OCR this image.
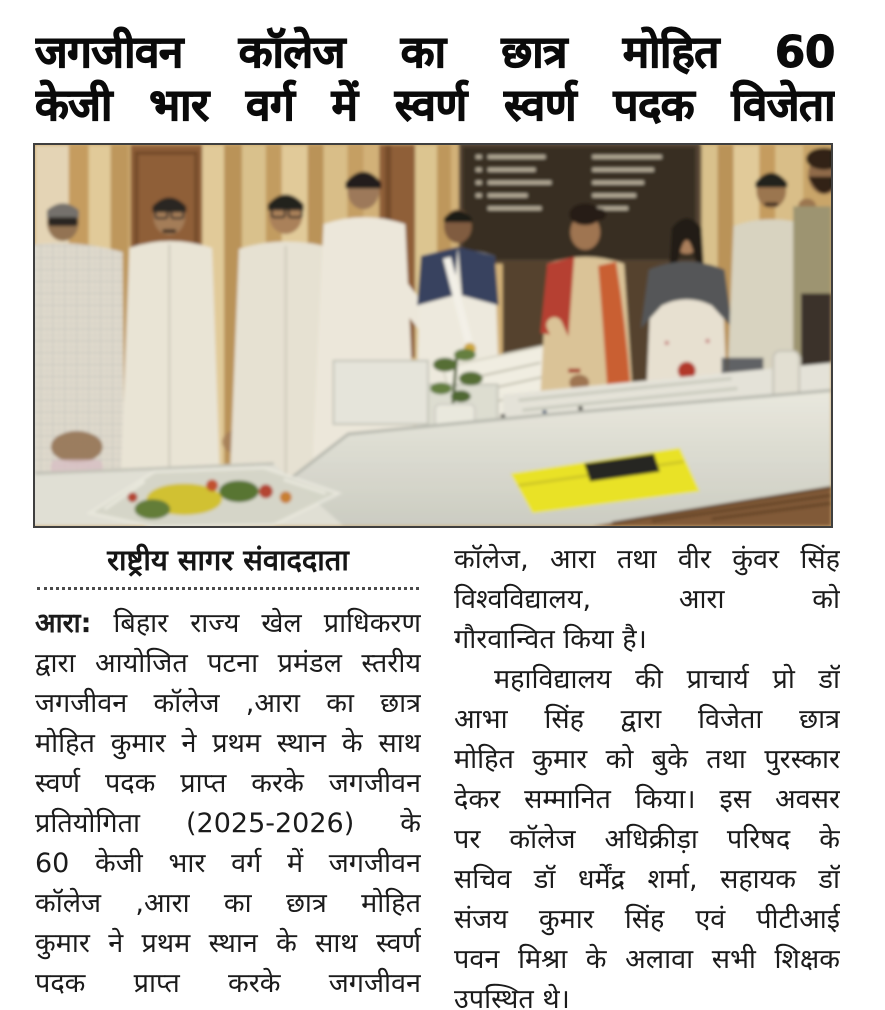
जगजीवन कॉलेज का छात्र मोहित 60
केजी भार वर्ग में स्वर्ण स्वर्ण पदक विजेता
राष्ट्रीय सागर संवाददाता
आरा: बिहार राज्य खेल प्राधिकरण
द्वारा आयोजित पटना प्रमंडल स्तरीय
जगजीवन कॉलेज ,आरा का छात्र
मोहित कुमार ने प्रथम स्थान के साथ
स्वर्ण पदक प्राप्त करके जगजीवन
प्रतियोगिता (2025-2026) के
60 केजी भार वर्ग में जगजीवन
कॉलेज ,आरा का छात्र मोहित
कुमार ने प्रथम स्थान के साथ स्वर्ण
पदक प्राप्त करके जगजीवन
कॉलेज, आरा तथा वीर कुंवर सिंह
विश्वविद्यालय, आरा को
गौरवान्वित किया है।
महाविद्यालय की प्राचार्य प्रो डॉ
आभा सिंह द्वारा विजेता छात्र
मोहित कुमार को बुके तथा पुरस्कार
देकर सम्मानित किया। इस अवसर
पर कॉलेज अधिक्रीड़ा परिषद के
सचिव डॉ धर्मेंद्र शर्मा, सहायक डॉ
संजय कुमार सिंह एवं पीटीआई
पवन मिश्रा के अलावा सभी शिक्षक
उपस्थित थे।
